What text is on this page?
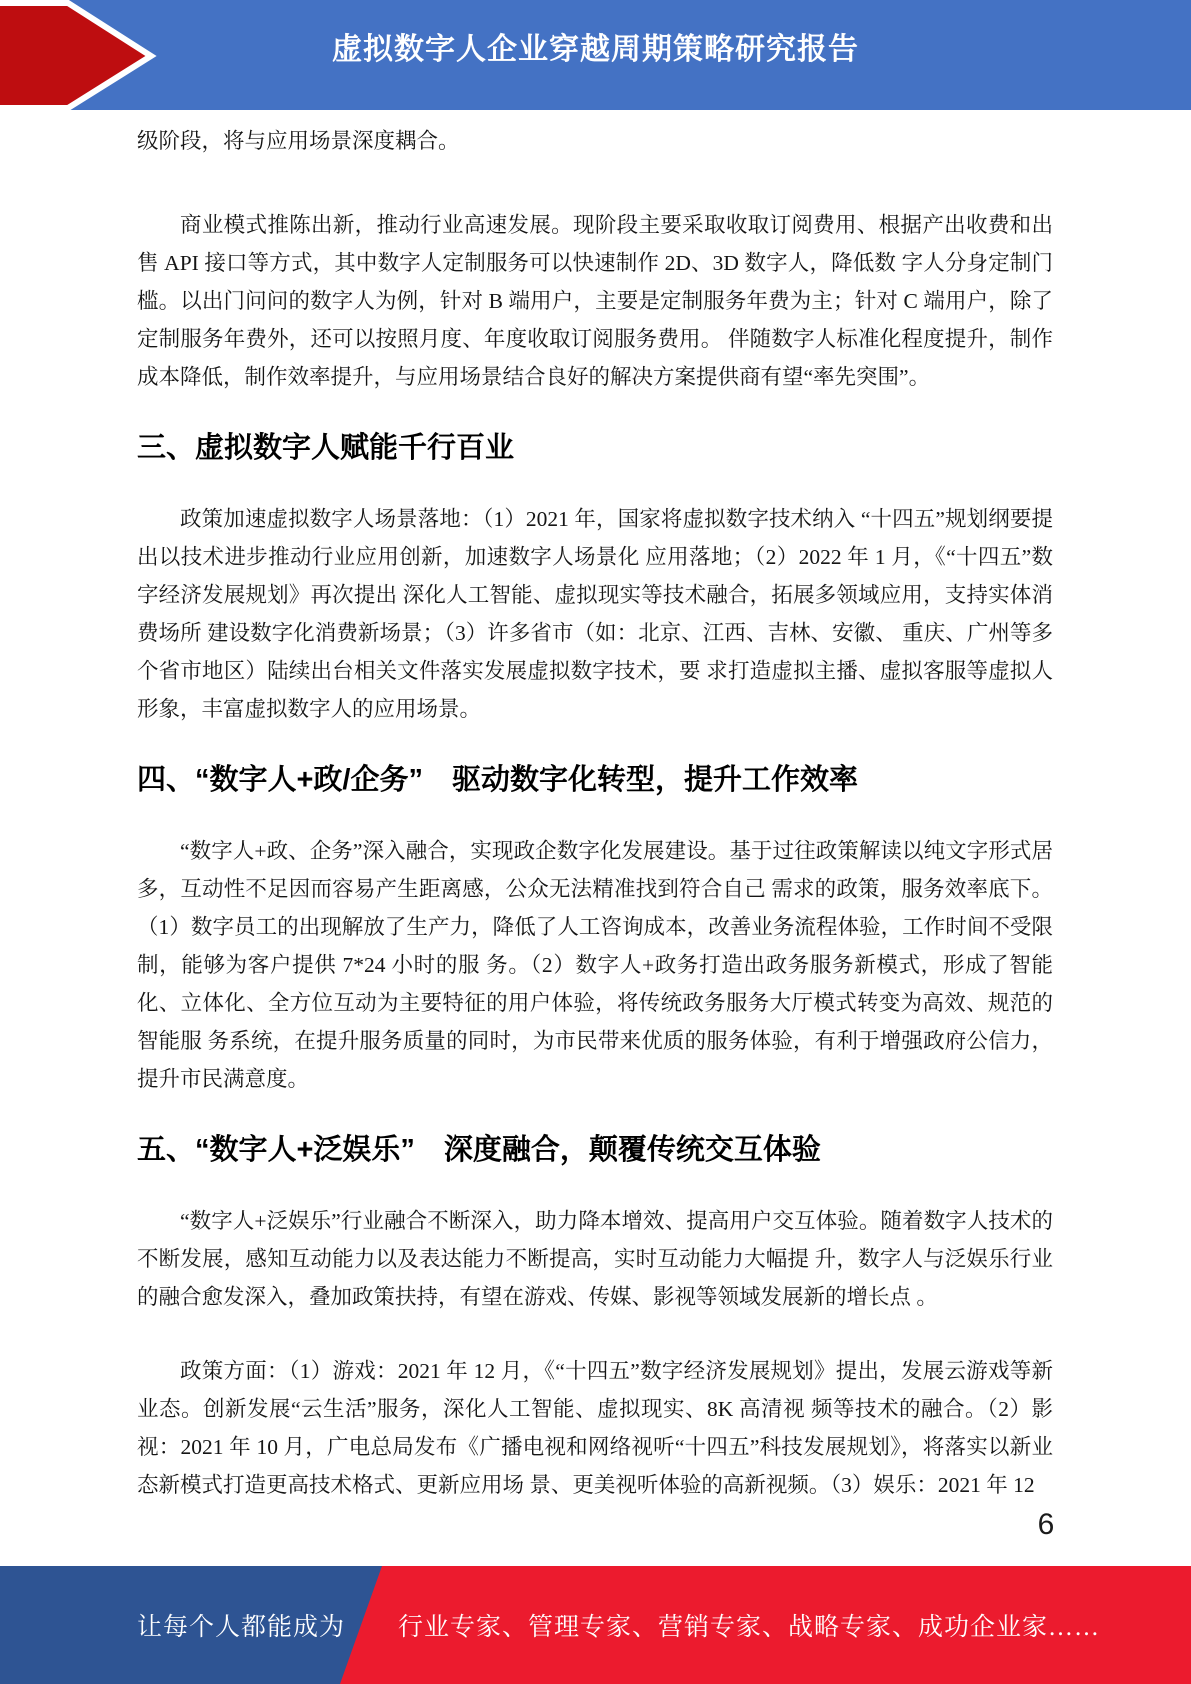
虚拟数字人企业穿越周期策略研究报告

级阶段，将与应用场景深度耦合。

商业模式推陈出新，推动行业高速发展。现阶段主要采取收取订阅费用、根据产出收费和出售 API 接口等方式，其中数字人定制服务可以快速制作 2D、3D 数字人，降低数 字人分身定制门槛。以出门问问的数字人为例，针对 B 端用户，主要是定制服务年费为主；针对 C 端用户，除了定制服务年费外，还可以按照月度、年度收取订阅服务费用。 伴随数字人标准化程度提升，制作成本降低，制作效率提升，与应用场景结合良好的解决方案提供商有望“率先突围”。

三、虚拟数字人赋能千行百业

政策加速虚拟数字人场景落地：（1）2021 年，国家将虚拟数字技术纳入 “十四五”规划纲要提出以技术进步推动行业应用创新，加速数字人场景化 应用落地；（2）2022 年 1 月，《“十四五”数字经济发展规划》再次提出 深化人工智能、虚拟现实等技术融合，拓展多领域应用，支持实体消费场所 建设数字化消费新场景；（3）许多省市（如：北京、江西、吉林、安徽、 重庆、广州等多个省市地区）陆续出台相关文件落实发展虚拟数字技术，要 求打造虚拟主播、虚拟客服等虚拟人形象，丰富虚拟数字人的应用场景。

四、“数字人+政/企务”　驱动数字化转型，提升工作效率

“数字人+政、企务”深入融合，实现政企数字化发展建设。基于过往政策解读以纯文字形式居多，互动性不足因而容易产生距离感，公众无法精准找到符合自己 需求的政策，服务效率底下。（1）数字员工的出现解放了生产力，降低了人工咨询成本，改善业务流程体验，工作时间不受限制，能够为客户提供 7*24 小时的服 务。（2）数字人+政务打造出政务服务新模式，形成了智能化、立体化、全方位互动为主要特征的用户体验，将传统政务服务大厅模式转变为高效、规范的智能服 务系统，在提升服务质量的同时，为市民带来优质的服务体验，有利于增强政府公信力，提升市民满意度。

五、“数字人+泛娱乐”　深度融合，颠覆传统交互体验

“数字人+泛娱乐”行业融合不断深入，助力降本增效、提高用户交互体验。随着数字人技术的不断发展，感知互动能力以及表达能力不断提高，实时互动能力大幅提 升，数字人与泛娱乐行业的融合愈发深入，叠加政策扶持，有望在游戏、传媒、影视等领域发展新的增长点 。

政策方面：（1）游戏：2021 年 12 月，《“十四五”数字经济发展规划》提出，发展云游戏等新业态。创新发展“云生活”服务，深化人工智能、虚拟现实、8K 高清视 频等技术的融合。（2）影视：2021 年 10 月，广电总局发布《广播电视和网络视听“十四五”科技发展规划》，将落实以新业态新模式打造更高技术格式、更新应用场 景、更美视听体验的高新视频。（3）娱乐：2021 年 12

6
让每个人都能成为 行业专家、管理专家、营销专家、战略专家、成功企业家……
